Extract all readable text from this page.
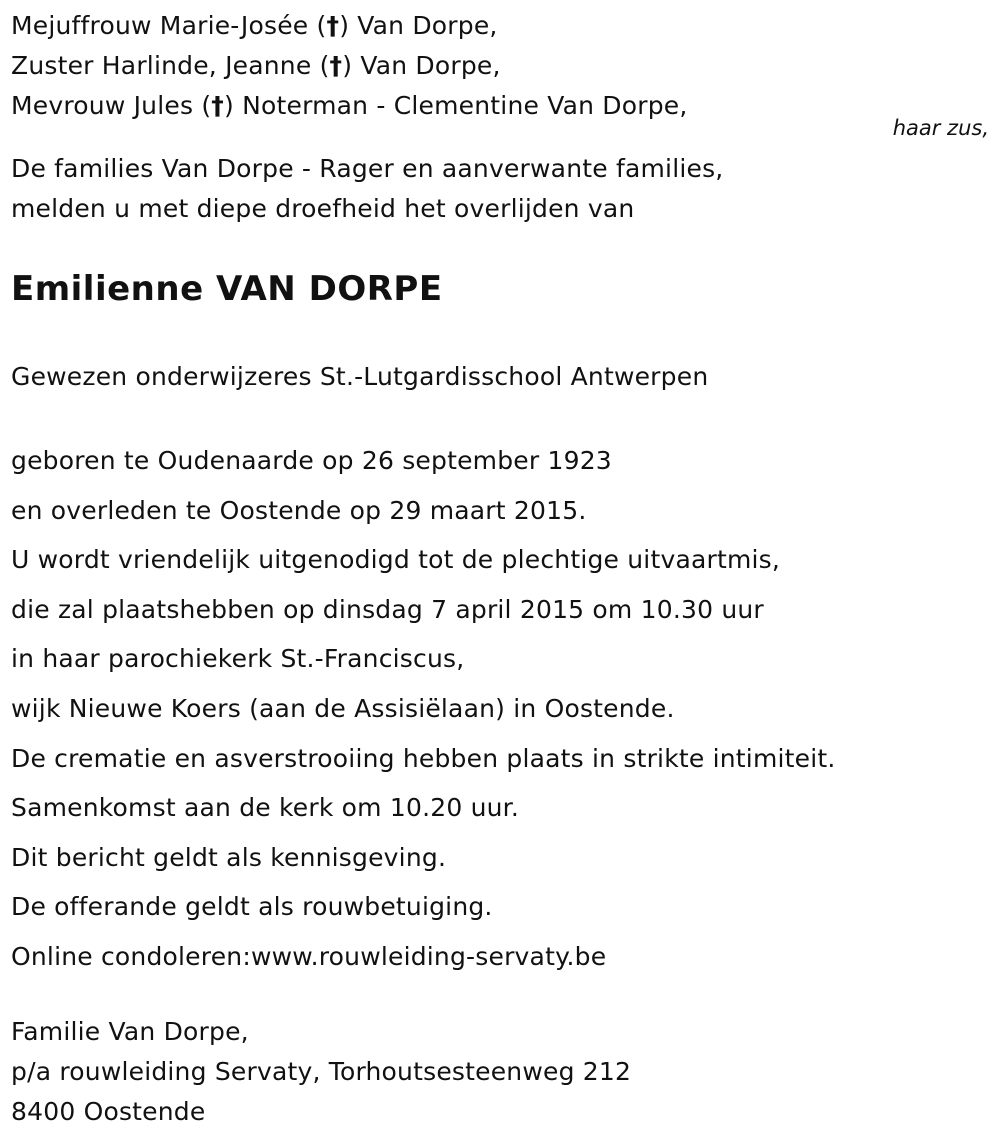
Mejuffrouw Marie-Josée (†) Van Dorpe,
Zuster Harlinde, Jeanne (†) Van Dorpe,
Mevrouw Jules (†) Noterman - Clementine Van Dorpe,
De families Van Dorpe - Rager en aanverwante families,
melden u met diepe droefheid het overlijden van
Emilienne VAN DORPE
Gewezen onderwijzeres St.-Lutgardisschool Antwerpen
geboren te Oudenaarde op 26 september 1923
en overleden te Oostende op 29 maart 2015.
U wordt vriendelijk uitgenodigd tot de plechtige uitvaartmis,
die zal plaatshebben op dinsdag 7 april 2015 om 10.30 uur
in haar parochiekerk St.-Franciscus,
wijk Nieuwe Koers (aan de Assisiëlaan) in Oostende.
De crematie en asverstrooiing hebben plaats in strikte intimiteit.
Samenkomst aan de kerk om 10.20 uur.
Dit bericht geldt als kennisgeving.
De offerande geldt als rouwbetuiging.
Online condoleren:www.rouwleiding-servaty.be
Familie Van Dorpe,
p/a rouwleiding Servaty, Torhoutsesteenweg 212
8400 Oostende
haar zus,
